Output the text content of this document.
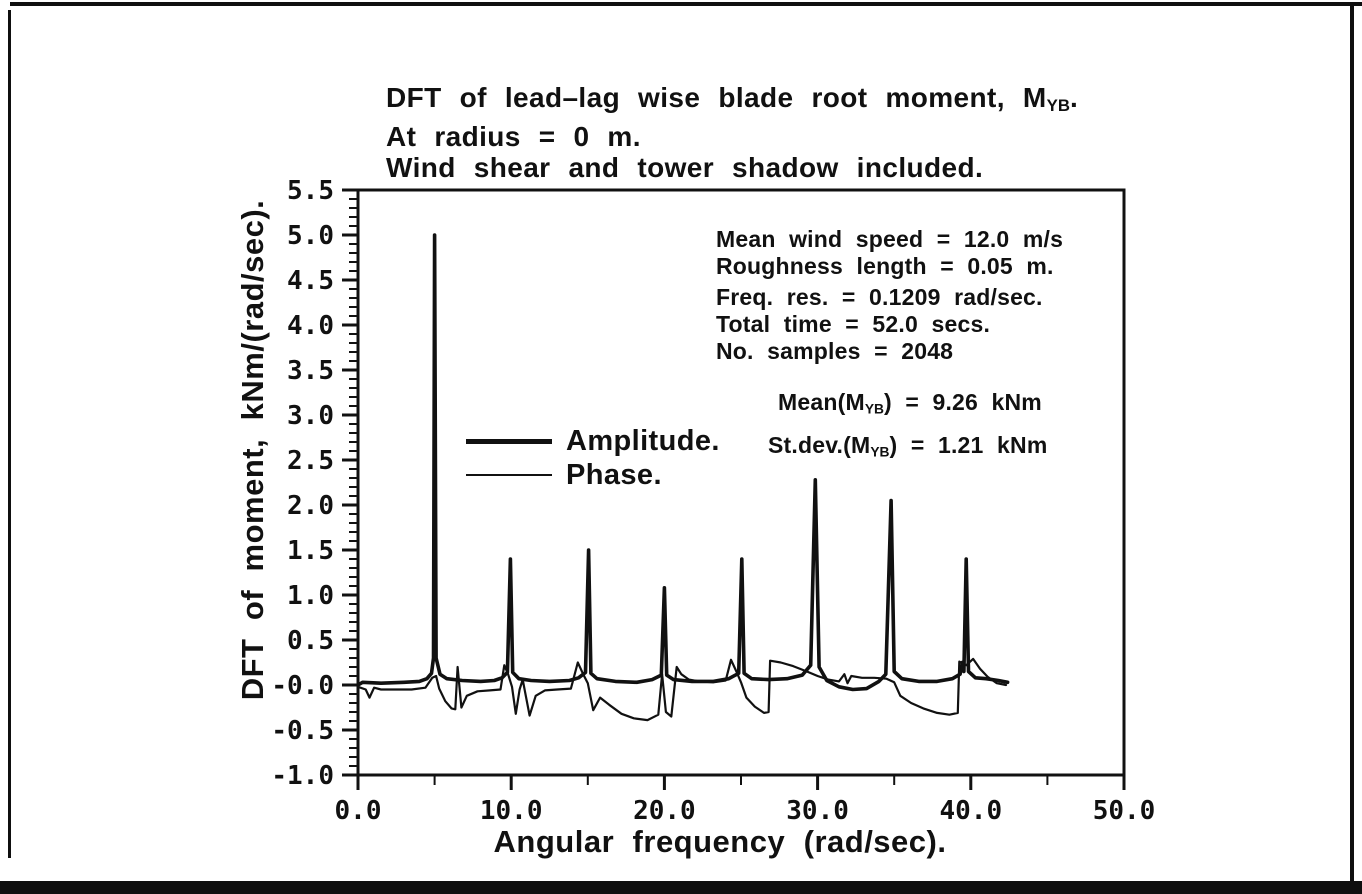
DFT of lead–lag wise blade root moment, $M_{YB}$.
At radius = 0 m.
Wind shear and tower shadow included.
DFT of moment, kNm/(rad/sec).
Angular frequency (rad/sec).
Mean wind speed = 12.0 m/s
Roughness length = 0.05 m.
Freq. res. = 0.1209 rad/sec.
Total time = 52.0 secs.
No. samples = 2048
$Mean(M_{YB}) = 9.26$ kNm
$St.dev.(M_{YB}) = 1.21$ kNm
Amplitude.
Phase.
5.5
5.0
4.5
4.0
3.5
3.0
2.5
2.0
1.5
1.0
0.5
-0.0
-0.5
-1.0
0.0	10.0	20.0	30.0	40.0	50.0
